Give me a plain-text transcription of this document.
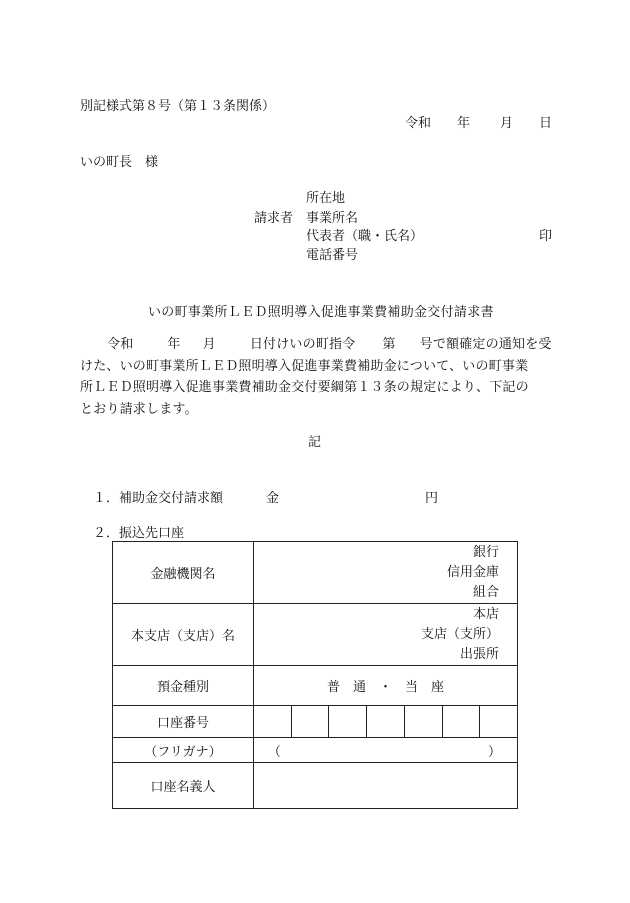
別記様式第８号（第１３条関係）
令和 年 月 日
いの町長　様
請求者
所在地
事業所名
代表者（職・氏名）	印
電話番号
いの町事業所ＬＥＤ照明導入促進事業費補助金交付請求書
令和	年 月	日付けいの町指令 第 号で額確定の通知を受
けた、いの町事業所ＬＥＤ照明導入促進事業費補助金について、いの町事業
所ＬＥＤ照明導入促進事業費補助金交付要綱第１３条の規定により、下記の
とおり請求します。
記
１．補助金交付請求額	金	円
２．振込先口座
金融機関名	銀行
信用金庫
組合						

本支店（支店）名	本店
支店（支所）
出張所						

預金種別	普　通　・　当　座						
口座番号							
（フリガナ）	（ ）						

口座名義人							
